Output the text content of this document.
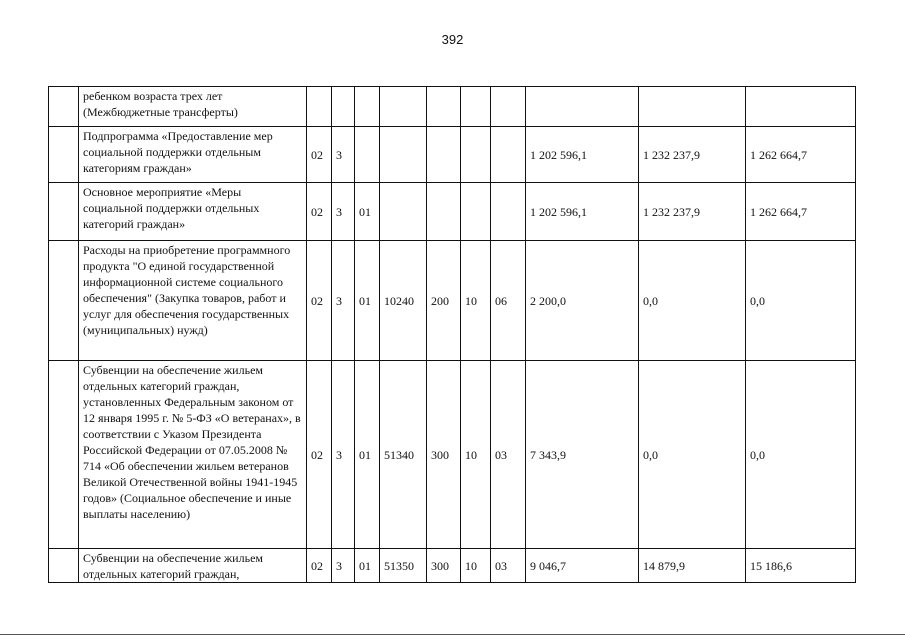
392
	ребенком возраста трех лет (Межбюджетные трансферты)										
	Подпрограмма «Предоставление мер социальной поддержки отдельным категориям граждан»	02	3						1 202 596,1	1 232 237,9	1 262 664,7
	Основное мероприятие «Меры социальной поддержки отдельных категорий граждан»	02	3	01					1 202 596,1	1 232 237,9	1 262 664,7
	Расходы на приобретение программного продукта "О единой государственной информационной системе социального обеспечения" (Закупка товаров, работ и услуг для обеспечения государственных (муниципальных) нужд)	02	3	01	10240	200	10	06	2 200,0	0,0	0,0
	Субвенции на обеспечение жильем отдельных категорий граждан, установленных Федеральным законом от 12 января 1995 г. № 5-ФЗ «О ветеранах», в соответствии с Указом Президента Российской Федерации от 07.05.2008 № 714 «Об обеспечении жильем ветеранов Великой Отечественной войны 1941-1945 годов» (Социальное обеспечение и иные выплаты населению)	02	3	01	51340	300	10	03	7 343,9	0,0	0,0
	Субвенции на обеспечение жильем отдельных категорий граждан,	02	3	01	51350	300	10	03	9 046,7	14 879,9	15 186,6
